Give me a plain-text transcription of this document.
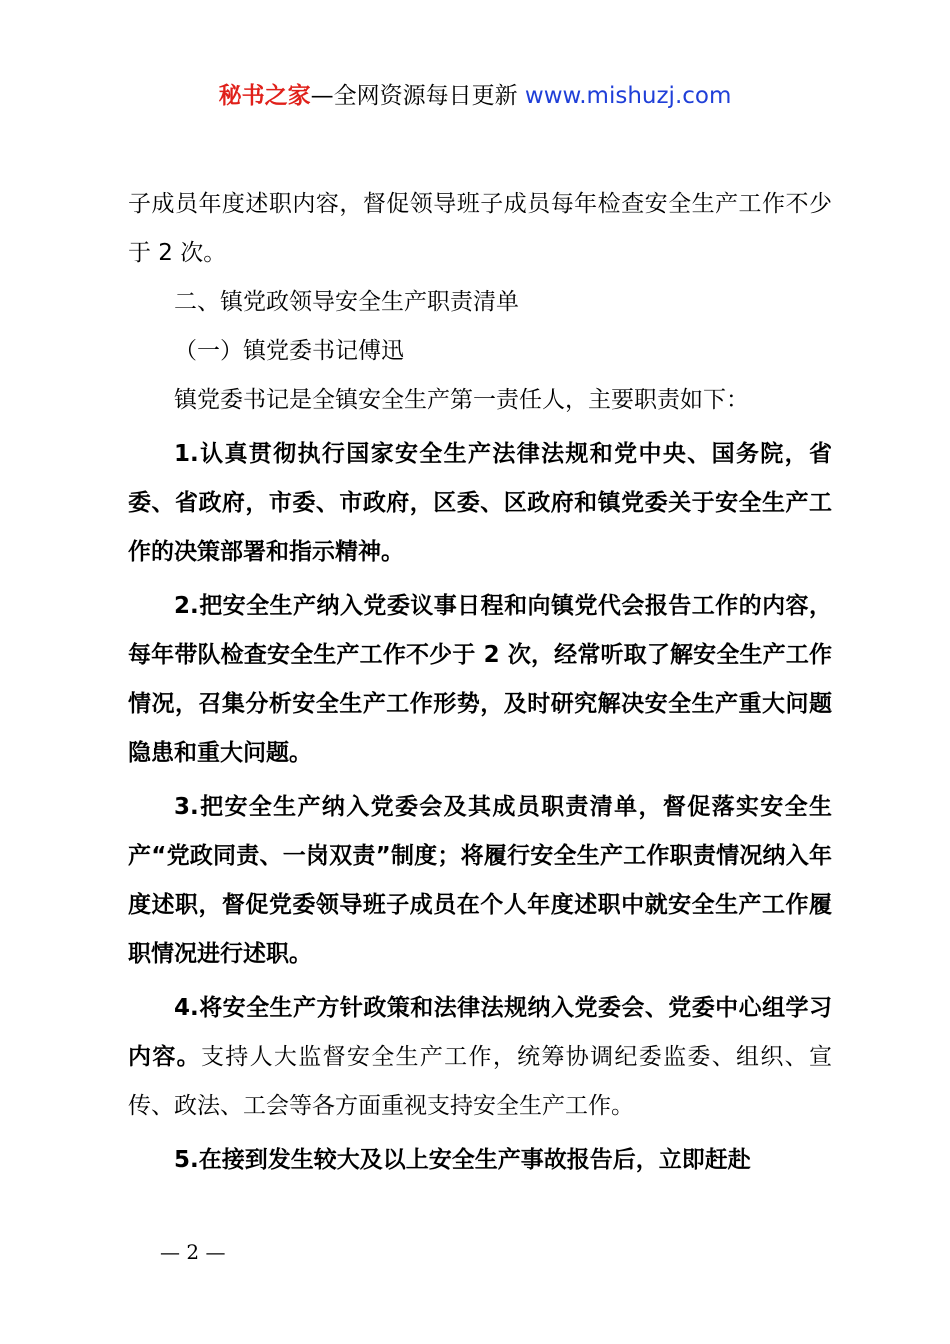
秘书之家—全网资源每日更新 www.mishuzj.com

子成员年度述职内容，督促领导班子成员每年检查安全生产工作不少于 2 次。

二、镇党政领导安全生产职责清单

（一）镇党委书记傅迅

镇党委书记是全镇安全生产第一责任人，主要职责如下：

1.认真贯彻执行国家安全生产法律法规和党中央、国务院，省委、省政府，市委、市政府，区委、区政府和镇党委关于安全生产工作的决策部署和指示精神。

2.把安全生产纳入党委议事日程和向镇党代会报告工作的内容，每年带队检查安全生产工作不少于 2 次，经常听取了解安全生产工作情况，召集分析安全生产工作形势，及时研究解决安全生产重大问题隐患和重大问题。

3.把安全生产纳入党委会及其成员职责清单，督促落实安全生产“党政同责、一岗双责”制度；将履行安全生产工作职责情况纳入年度述职，督促党委领导班子成员在个人年度述职中就安全生产工作履职情况进行述职。

4.将安全生产方针政策和法律法规纳入党委会、党委中心组学习内容。支持人大监督安全生产工作，统筹协调纪委监委、组织、宣传、政法、工会等各方面重视支持安全生产工作。

5.在接到发生较大及以上安全生产事故报告后，立即赶赴

— 2 —
